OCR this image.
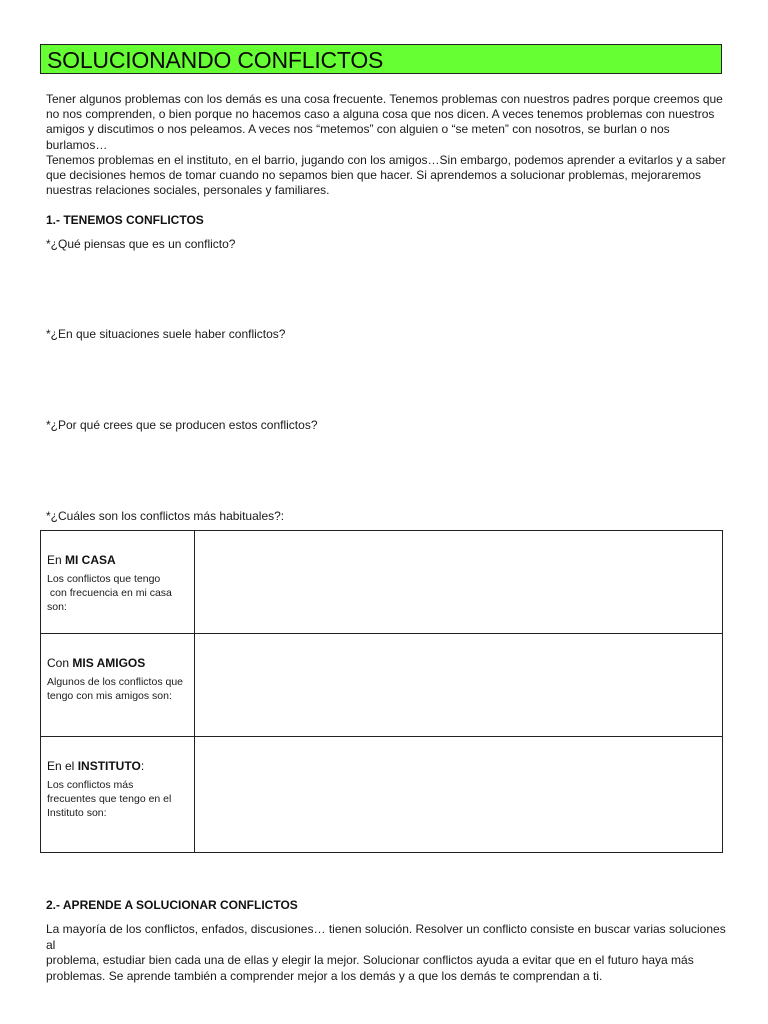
SOLUCIONANDO CONFLICTOS
Tener algunos problemas con los demás es una cosa frecuente. Tenemos problemas con nuestros padres porque creemos que
no nos comprenden, o bien porque no hacemos caso a alguna cosa que nos dicen. A veces tenemos problemas con nuestros
amigos y discutimos o nos peleamos. A veces nos “metemos” con alguien o “se meten” con nosotros, se burlan o nos burlamos…
Tenemos problemas en el instituto, en el barrio, jugando con los amigos…Sin embargo, podemos aprender a evitarlos y a saber
que decisiones hemos de tomar cuando no sepamos bien que hacer. Si aprendemos a solucionar problemas, mejoraremos
nuestras relaciones sociales, personales y familiares.
1.- TENEMOS CONFLICTOS
*¿Qué piensas que es un conflicto?
*¿En que situaciones suele haber conflictos?
*¿Por qué crees que se producen estos conflictos?
*¿Cuáles son los conflictos más habituales?:
En MI CASA
Los conflictos que tengo
con frecuencia en mi casa
son:	

Con MIS AMIGOS
Algunos de los conflictos que
tengo con mis amigos son:	

En el INSTITUTO:
Los conflictos más
frecuentes que tengo en el
Instituto son:	

2.- APRENDE A SOLUCIONAR CONFLICTOS
La mayoría de los conflictos, enfados, discusiones… tienen solución. Resolver un conflicto consiste en buscar varias soluciones al
problema, estudiar bien cada una de ellas y elegir la mejor. Solucionar conflictos ayuda a evitar que en el futuro haya más
problemas. Se aprende también a comprender mejor a los demás y a que los demás te comprendan a ti.
